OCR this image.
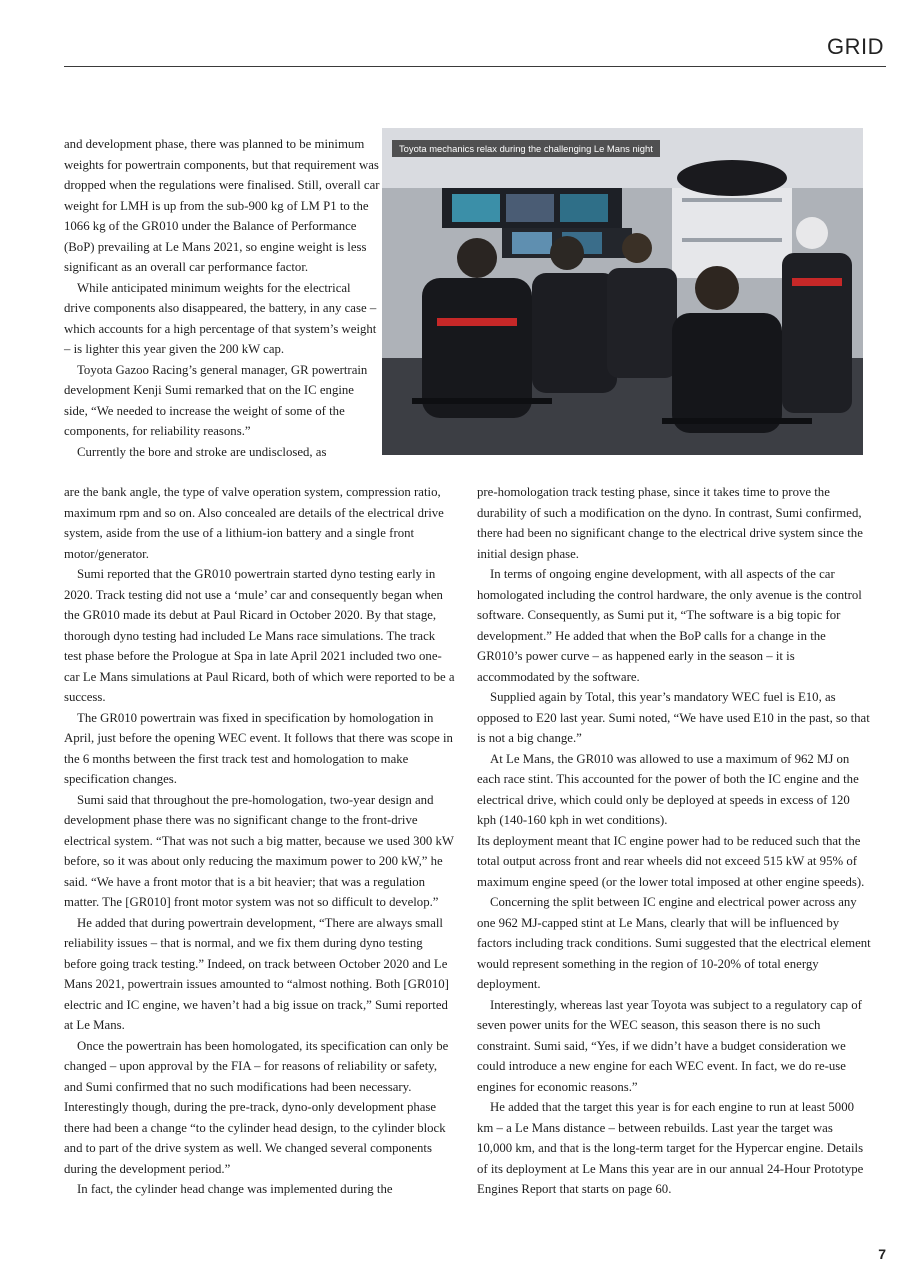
GRID

and development phase, there was planned to be minimum weights for powertrain components, but that requirement was dropped when the regulations were finalised. Still, overall car weight for LMH is up from the sub-900 kg of LM P1 to the 1066 kg of the GR010 under the Balance of Performance (BoP) prevailing at Le Mans 2021, so engine weight is less significant as an overall car performance factor.

While anticipated minimum weights for the electrical drive components also disappeared, the battery, in any case – which accounts for a high percentage of that system’s weight – is lighter this year given the 200 kW cap.

Toyota Gazoo Racing’s general manager, GR powertrain development Kenji Sumi remarked that on the IC engine side, “We needed to increase the weight of some of the components, for reliability reasons.”

Currently the bore and stroke are undisclosed, as

Toyota mechanics relax during the challenging Le Mans night

are the bank angle, the type of valve operation system, compression ratio, maximum rpm and so on. Also concealed are details of the electrical drive system, aside from the use of a lithium-ion battery and a single front motor/generator.

Sumi reported that the GR010 powertrain started dyno testing early in 2020. Track testing did not use a ‘mule’ car and consequently began when the GR010 made its debut at Paul Ricard in October 2020. By that stage, thorough dyno testing had included Le Mans race simulations. The track test phase before the Prologue at Spa in late April 2021 included two one-car Le Mans simulations at Paul Ricard, both of which were reported to be a success.

The GR010 powertrain was fixed in specification by homologation in April, just before the opening WEC event. It follows that there was scope in the 6 months between the first track test and homologation to make specification changes.

Sumi said that throughout the pre-homologation, two-year design and development phase there was no significant change to the front-drive electrical system. “That was not such a big matter, because we used 300 kW before, so it was about only reducing the maximum power to 200 kW,” he said. “We have a front motor that is a bit heavier; that was a regulation matter. The [GR010] front motor system was not so difficult to develop.”

He added that during powertrain development, “There are always small reliability issues – that is normal, and we fix them during dyno testing before going track testing.” Indeed, on track between October 2020 and Le Mans 2021, powertrain issues amounted to “almost nothing. Both [GR010] electric and IC engine, we haven’t had a big issue on track,” Sumi reported at Le Mans.

Once the powertrain has been homologated, its specification can only be changed – upon approval by the FIA – for reasons of reliability or safety, and Sumi confirmed that no such modifications had been necessary. Interestingly though, during the pre-track, dyno-only development phase there had been a change “to the cylinder head design, to the cylinder block and to part of the drive system as well. We changed several components during the development period.”

In fact, the cylinder head change was implemented during the

pre-homologation track testing phase, since it takes time to prove the durability of such a modification on the dyno. In contrast, Sumi confirmed, there had been no significant change to the electrical drive system since the initial design phase.

In terms of ongoing engine development, with all aspects of the car homologated including the control hardware, the only avenue is the control software. Consequently, as Sumi put it, “The software is a big topic for development.” He added that when the BoP calls for a change in the GR010’s power curve – as happened early in the season – it is accommodated by the software.

Supplied again by Total, this year’s mandatory WEC fuel is E10, as opposed to E20 last year. Sumi noted, “We have used E10 in the past, so that is not a big change.”

At Le Mans, the GR010 was allowed to use a maximum of 962 MJ on each race stint. This accounted for the power of both the IC engine and the electrical drive, which could only be deployed at speeds in excess of 120 kph (140-160 kph in wet conditions).

Its deployment meant that IC engine power had to be reduced such that the total output across front and rear wheels did not exceed 515 kW at 95% of maximum engine speed (or the lower total imposed at other engine speeds).

Concerning the split between IC engine and electrical power across any one 962 MJ-capped stint at Le Mans, clearly that will be influenced by factors including track conditions. Sumi suggested that the electrical element would represent something in the region of 10-20% of total energy deployment.

Interestingly, whereas last year Toyota was subject to a regulatory cap of seven power units for the WEC season, this season there is no such constraint. Sumi said, “Yes, if we didn’t have a budget consideration we could introduce a new engine for each WEC event. In fact, we do re-use engines for economic reasons.”

He added that the target this year is for each engine to run at least 5000 km – a Le Mans distance – between rebuilds. Last year the target was 10,000 km, and that is the long-term target for the Hypercar engine. Details of its deployment at Le Mans this year are in our annual 24-Hour Prototype Engines Report that starts on page 60.

7
